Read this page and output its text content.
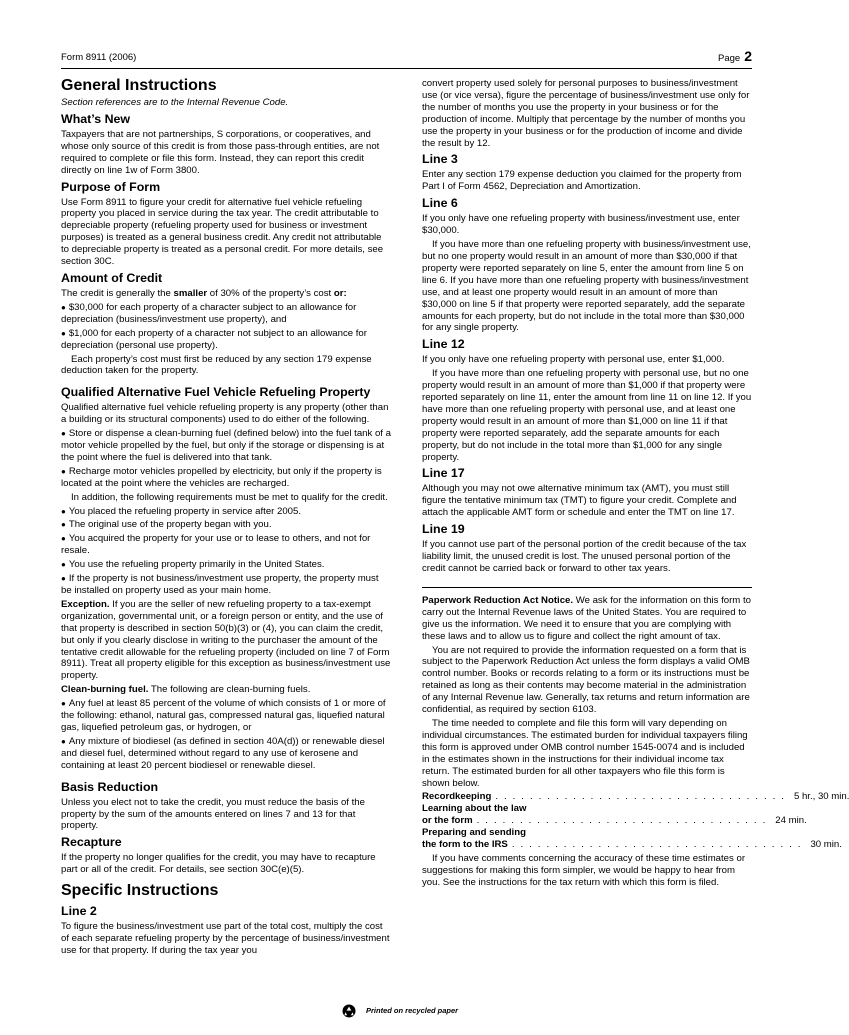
Form 8911 (2006)	Page 2
General Instructions

Section references are to the Internal Revenue Code.

What’s New

Taxpayers that are not partnerships, S corporations, or cooperatives, and whose only source of this credit is from those pass-through entities, are not required to complete or file this form. Instead, they can report this credit directly on line 1w of Form 3800.

Purpose of Form

Use Form 8911 to figure your credit for alternative fuel vehicle refueling property you placed in service during the tax year. The credit attributable to depreciable property (refueling property used for business or investment purposes) is treated as a general business credit. Any credit not attributable to depreciable property is treated as a personal credit. For more details, see section 30C.

Amount of Credit

The credit is generally the smaller of 30% of the property’s cost or:

● $30,000 for each property of a character subject to an allowance for depreciation (business/investment use property), and

● $1,000 for each property of a character not subject to an allowance for depreciation (personal use property).

Each property’s cost must first be reduced by any section 179 expense deduction taken for the property.

Qualified Alternative Fuel Vehicle Refueling Property

Qualified alternative fuel vehicle refueling property is any property (other than a building or its structural components) used to do either of the following.

● Store or dispense a clean-burning fuel (defined below) into the fuel tank of a motor vehicle propelled by the fuel, but only if the storage or dispensing is at the point where the fuel is delivered into that tank.

● Recharge motor vehicles propelled by electricity, but only if the property is located at the point where the vehicles are recharged.

In addition, the following requirements must be met to qualify for the credit.

● You placed the refueling property in service after 2005.

● The original use of the property began with you.

● You acquired the property for your use or to lease to others, and not for resale.

● You use the refueling property primarily in the United States.

● If the property is not business/investment use property, the property must be installed on property used as your main home.

Exception. If you are the seller of new refueling property to a tax-exempt organization, governmental unit, or a foreign person or entity, and the use of that property is described in section 50(b)(3) or (4), you can claim the credit, but only if you clearly disclose in writing to the purchaser the amount of the tentative credit allowable for the refueling property (included on line 7 of Form 8911). Treat all property eligible for this exception as business/investment use property.

Clean-burning fuel. The following are clean-burning fuels.

● Any fuel at least 85 percent of the volume of which consists of 1 or more of the following: ethanol, natural gas, compressed natural gas, liquefied natural gas, liquefied petroleum gas, or hydrogen, or

● Any mixture of biodiesel (as defined in section 40A(d)) or renewable diesel and diesel fuel, determined without regard to any use of kerosene and containing at least 20 percent biodiesel or renewable diesel.

Basis Reduction

Unless you elect not to take the credit, you must reduce the basis of the property by the sum of the amounts entered on lines 7 and 13 for that property.

Recapture

If the property no longer qualifies for the credit, you may have to recapture part or all of the credit. For details, see section 30C(e)(5).

Specific Instructions
Line 2

To figure the business/investment use part of the total cost, multiply the cost of each separate refueling property by the percentage of business/investment use for that property. If during the tax year you

convert property used solely for personal purposes to business/investment use (or vice versa), figure the percentage of business/investment use only for the number of months you use the property in your business or for the production of income. Multiply that percentage by the number of months you use the property in your business or for the production of income and divide the result by 12.

Line 3

Enter any section 179 expense deduction you claimed for the property from Part I of Form 4562, Depreciation and Amortization.

Line 6

If you only have one refueling property with business/investment use, enter $30,000.

If you have more than one refueling property with business/investment use, but no one property would result in an amount of more than $30,000 if that property were reported separately on line 5, enter the amount from line 5 on line 6. If you have more than one refueling property with business/investment use, and at least one property would result in an amount of more than $30,000 on line 5 if that property were reported separately, add the separate amounts for each property, but do not include in the total more than $30,000 for any single property.

Line 12

If you only have one refueling property with personal use, enter $1,000.

If you have more than one refueling property with personal use, but no one property would result in an amount of more than $1,000 if that property were reported separately on line 11, enter the amount from line 11 on line 12. If you have more than one refueling property with personal use, and at least one property would result in an amount of more than $1,000 on line 11 if that property were reported separately, add the separate amounts for each property, but do not include in the total more than $1,000 for any single property.

Line 17

Although you may not owe alternative minimum tax (AMT), you must still figure the tentative minimum tax (TMT) to figure your credit. Complete and attach the applicable AMT form or schedule and enter the TMT on line 17.

Line 19

If you cannot use part of the personal portion of the credit because of the tax liability limit, the unused credit is lost. The unused personal portion of the credit cannot be carried back or forward to other tax years.

Paperwork Reduction Act Notice. We ask for the information on this form to carry out the Internal Revenue laws of the United States. You are required to give us the information. We need it to ensure that you are complying with these laws and to allow us to figure and collect the right amount of tax.

You are not required to provide the information requested on a form that is subject to the Paperwork Reduction Act unless the form displays a valid OMB control number. Books or records relating to a form or its instructions must be retained as long as their contents may become material in the administration of any Internal Revenue law. Generally, tax returns and return information are confidential, as required by section 6103.

The time needed to complete and file this form will vary depending on individual circumstances. The estimated burden for individual taxpayers filing this form is approved under OMB control number 1545-0074 and is included in the estimates shown in the instructions for their individual income tax return. The estimated burden for all other taxpayers who file this form is shown below.

Recordkeeping .................................. 5 hr., 30 min.
Learning about the law
or the form .................................. 24 min.
Preparing and sending
the form to the IRS .................................. 30 min.

If you have comments concerning the accuracy of these time estimates or suggestions for making this form simpler, we would be happy to hear from you. See the instructions for the tax return with which this form is filed.

Printed on recycled paper
